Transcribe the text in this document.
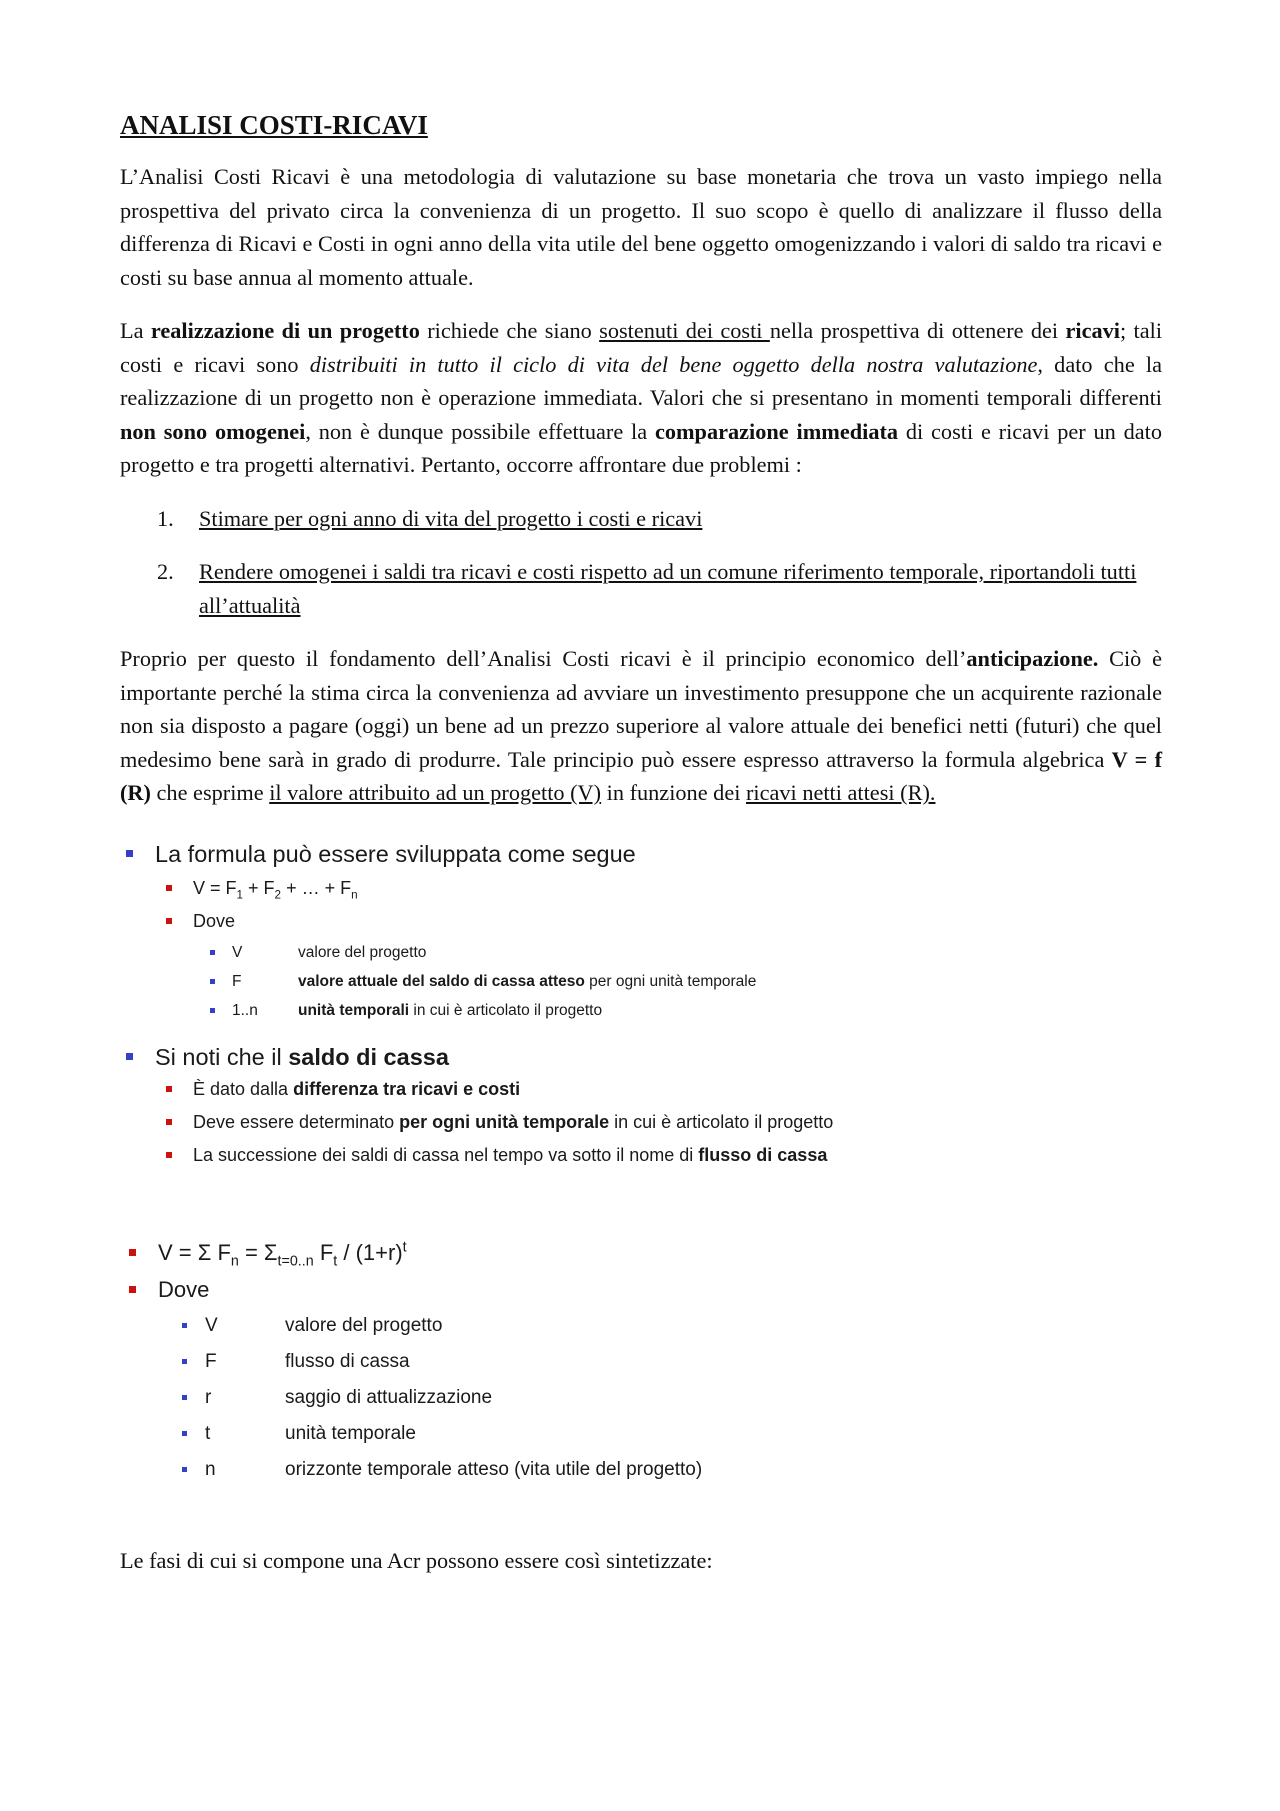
ANALISI COSTI-RICAVI

L’Analisi Costi Ricavi è una metodologia di valutazione su base monetaria che trova un vasto impiego nella prospettiva del privato circa la convenienza di un progetto. Il suo scopo è quello di analizzare il flusso della differenza di Ricavi e Costi in ogni anno della vita utile del bene oggetto omogenizzando i valori di saldo tra ricavi e costi su base annua al momento attuale.

La realizzazione di un progetto richiede che siano sostenuti dei costi nella prospettiva di ottenere dei ricavi; tali costi e ricavi sono distribuiti in tutto il ciclo di vita del bene oggetto della nostra valutazione, dato che la realizzazione di un progetto non è operazione immediata. Valori che si presentano in momenti temporali differenti non sono omogenei, non è dunque possibile effettuare la comparazione immediata di costi e ricavi per un dato progetto e tra progetti alternativi. Pertanto, occorre affrontare due problemi :

1. Stimare per ogni anno di vita del progetto i costi e ricavi
2. Rendere omogenei i saldi tra ricavi e costi rispetto ad un comune riferimento temporale, riportandoli tutti all’attualità

Proprio per questo il fondamento dell’Analisi Costi ricavi è il principio economico dell’anticipazione. Ciò è importante perché la stima circa la convenienza ad avviare un investimento presuppone che un acquirente razionale non sia disposto a pagare (oggi) un bene ad un prezzo superiore al valore attuale dei benefici netti (futuri) che quel medesimo bene sarà in grado di produrre. Tale principio può essere espresso attraverso la formula algebrica V = f (R) che esprime il valore attribuito ad un progetto (V) in funzione dei ricavi netti attesi (R).

La formula può essere sviluppata come segue
$V = F_1 + F_2$ + … + $F_n$
Dove
V	valore del progetto
F	valore attuale del saldo di cassa atteso per ogni unità temporale
1..n	unità temporali in cui è articolato il progetto
Si noti che il saldo di cassa
È dato dalla differenza tra ricavi e costi
Deve essere determinato per ogni unità temporale in cui è articolato il progetto
La successione dei saldi di cassa nel tempo va sotto il nome di flusso di cassa
V = Σ $F_n = \Sigma_{t=0..n}$ $F_t / (1+r)^t$
Dove
V	valore del progetto
F	flusso di cassa
r	saggio di attualizzazione
t	unità temporale
n	orizzonte temporale atteso (vita utile del progetto)

Le fasi di cui si compone una Acr possono essere così sintetizzate:
